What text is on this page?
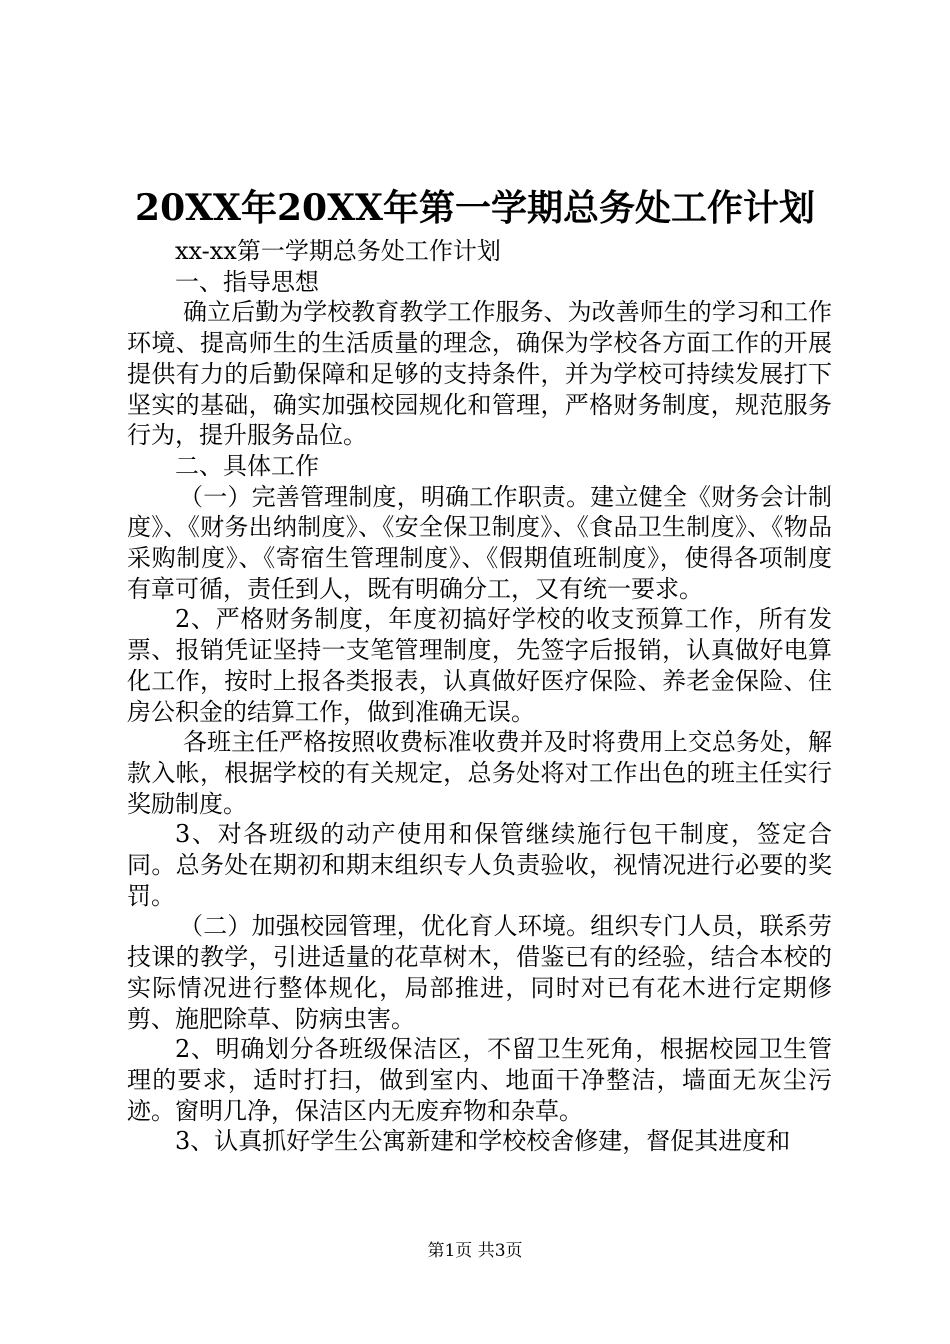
20XX年20XX年第一学期总务处工作计划

xx-xx第一学期总务处工作计划

一、指导思想

确立后勤为学校教育教学工作服务、为改善师生的学习和工作环境、提高师生的生活质量的理念，确保为学校各方面工作的开展提供有力的后勤保障和足够的支持条件，并为学校可持续发展打下坚实的基础，确实加强校园规化和管理，严格财务制度，规范服务行为，提升服务品位。

二、具体工作

（一）完善管理制度，明确工作职责。建立健全《财务会计制度》、《财务出纳制度》、《安全保卫制度》、《食品卫生制度》、《物品采购制度》、《寄宿生管理制度》、《假期值班制度》，使得各项制度有章可循，责任到人，既有明确分工，又有统一要求。

2、严格财务制度，年度初搞好学校的收支预算工作，所有发票、报销凭证坚持一支笔管理制度，先签字后报销，认真做好电算化工作，按时上报各类报表，认真做好医疗保险、养老金保险、住房公积金的结算工作，做到准确无误。

各班主任严格按照收费标准收费并及时将费用上交总务处，解款入帐，根据学校的有关规定，总务处将对工作出色的班主任实行奖励制度。

3、对各班级的动产使用和保管继续施行包干制度，签定合同。总务处在期初和期末组织专人负责验收，视情况进行必要的奖罚。

（二）加强校园管理，优化育人环境。组织专门人员，联系劳技课的教学，引进适量的花草树木，借鉴已有的经验，结合本校的实际情况进行整体规化，局部推进，同时对已有花木进行定期修剪、施肥除草、防病虫害。

2、明确划分各班级保洁区，不留卫生死角，根据校园卫生管理的要求，适时打扫，做到室内、地面干净整洁，墙面无灰尘污迹。窗明几净，保洁区内无废弃物和杂草。

3、认真抓好学生公寓新建和学校校舍修建，督促其进度和

第1页 共3页
